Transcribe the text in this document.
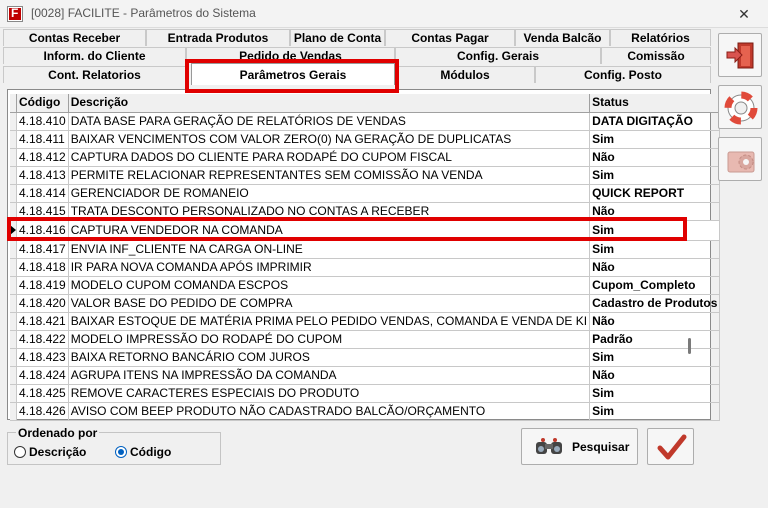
F
[0028] FACILITE - Parâmetros do Sistema	✕
Contas Receber	Entrada Produtos	Plano de Conta	Contas Pagar	Venda Balcão	Relatórios
Inform. do Cliente	Pedido de Vendas	Config. Gerais	Comissão
Cont. Relatorios	Parâmetros Gerais	Módulos	Config. Posto
	Código	Descrição	Status
	4.18.410	DATA BASE PARA GERAÇÃO DE RELATÓRIOS DE VENDAS	DATA DIGITAÇÃO
	4.18.411	BAIXAR VENCIMENTOS COM VALOR ZERO(0) NA GERAÇÃO DE DUPLICATAS	Sim
	4.18.412	CAPTURA DADOS DO CLIENTE PARA RODAPÉ DO CUPOM FISCAL	Não
	4.18.413	PERMITE RELACIONAR REPRESENTANTES SEM COMISSÃO NA VENDA	Sim
	4.18.414	GERENCIADOR DE ROMANEIO	QUICK REPORT
	4.18.415	TRATA DESCONTO PERSONALIZADO NO CONTAS A RECEBER	Não
	4.18.416	CAPTURA VENDEDOR NA COMANDA	Sim
	4.18.417	ENVIA INF_CLIENTE NA CARGA ON-LINE	Sim
	4.18.418	IR PARA NOVA COMANDA APÓS IMPRIMIR	Não
	4.18.419	MODELO CUPOM COMANDA ESCPOS	Cupom_Completo
	4.18.420	VALOR BASE DO PEDIDO DE COMPRA	Cadastro de Produtos
	4.18.421	BAIXAR ESTOQUE DE MATÉRIA PRIMA PELO PEDIDO VENDAS, COMANDA E VENDA DE KI	Não
	4.18.422	MODELO IMPRESSÃO DO RODAPÉ DO CUPOM	Padrão
	4.18.423	BAIXA RETORNO BANCÁRIO COM JUROS	Sim
	4.18.424	AGRUPA ITENS NA IMPRESSÃO DA COMANDA	Não
	4.18.425	REMOVE CARACTERES ESPECIAIS DO PRODUTO	Sim
	4.18.426	AVISO COM BEEP PRODUTO NÃO CADASTRADO BALCÃO/ORÇAMENTO	Sim
Ordenado por
Descrição	Código	Pesquisar
